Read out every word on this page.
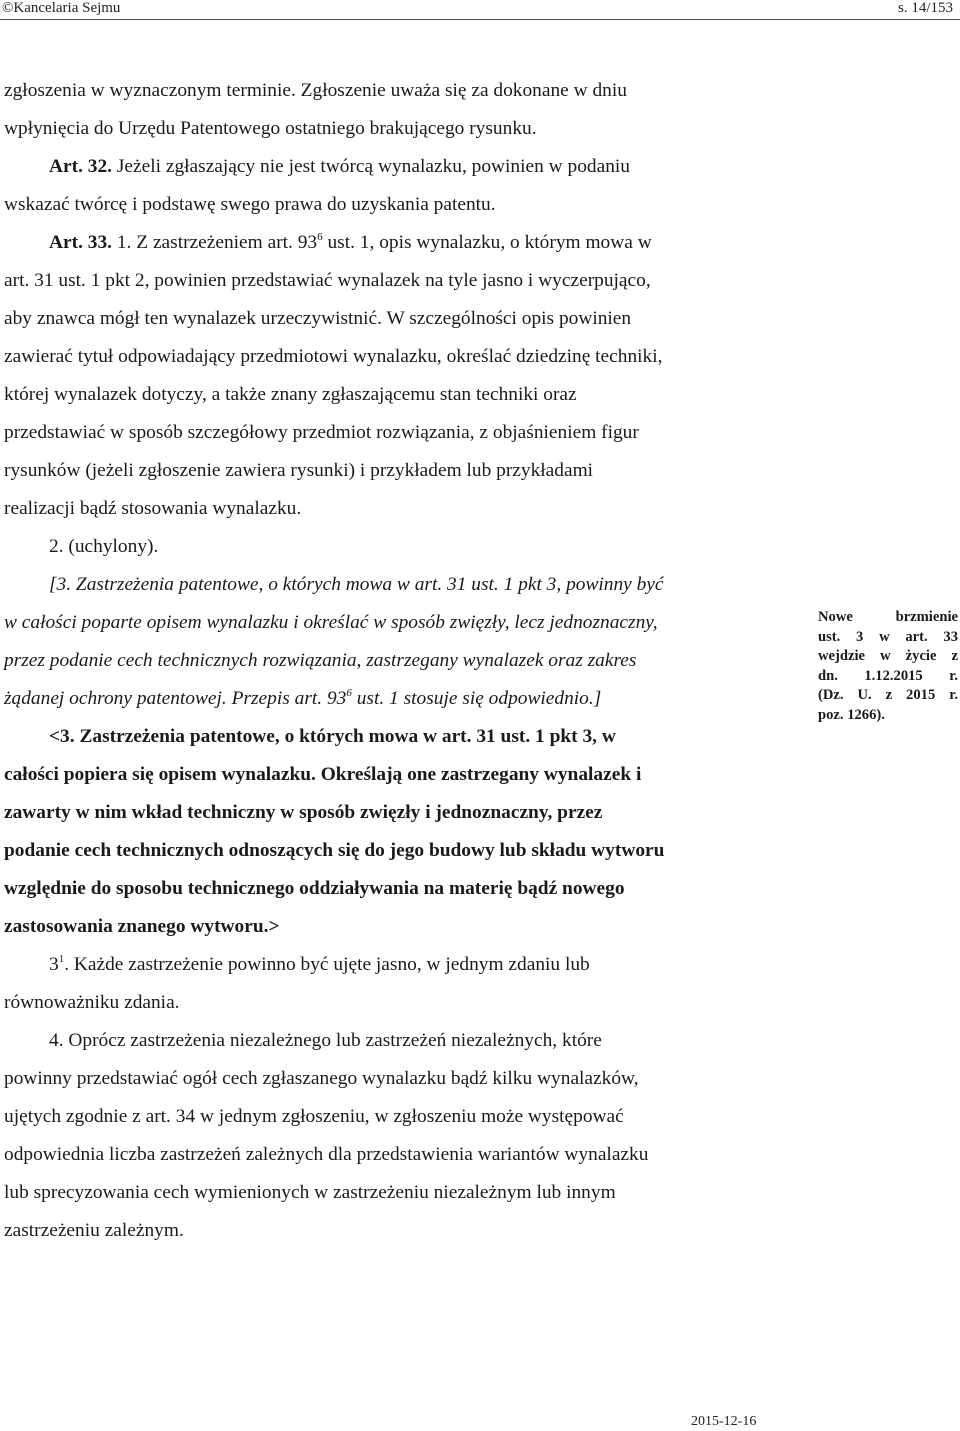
©Kancelaria Sejmu	s. 14/153
zgłoszenia w wyznaczonym terminie. Zgłoszenie uważa się za dokonane w dniu
wpłynięcia do Urzędu Patentowego ostatniego brakującego rysunku.
Art. 32. Jeżeli zgłaszający nie jest twórcą wynalazku, powinien w podaniu
wskazać twórcę i podstawę swego prawa do uzyskania patentu.
Art. 33. 1. Z zastrzeżeniem art. $93^6$ ust. 1, opis wynalazku, o którym mowa w
art. 31 ust. 1 pkt 2, powinien przedstawiać wynalazek na tyle jasno i wyczerpująco,
aby znawca mógł ten wynalazek urzeczywistnić. W szczególności opis powinien
zawierać tytuł odpowiadający przedmiotowi wynalazku, określać dziedzinę techniki,
której wynalazek dotyczy, a także znany zgłaszającemu stan techniki oraz
przedstawiać w sposób szczegółowy przedmiot rozwiązania, z objaśnieniem figur
rysunków (jeżeli zgłoszenie zawiera rysunki) i przykładem lub przykładami
realizacji bądź stosowania wynalazku.
2. (uchylony).
[3. Zastrzeżenia patentowe, o których mowa w art. 31 ust. 1 pkt 3, powinny być
w całości poparte opisem wynalazku i określać w sposób zwięzły, lecz jednoznaczny,
przez podanie cech technicznych rozwiązania, zastrzegany wynalazek oraz zakres
żądanej ochrony patentowej. Przepis art. $93^6$ ust. 1 stosuje się odpowiednio.]
<3. Zastrzeżenia patentowe, o których mowa w art. 31 ust. 1 pkt 3, w
całości popiera się opisem wynalazku. Określają one zastrzegany wynalazek i
zawarty w nim wkład techniczny w sposób zwięzły i jednoznaczny, przez
podanie cech technicznych odnoszących się do jego budowy lub składu wytworu
względnie do sposobu technicznego oddziaływania na materię bądź nowego
zastosowania znanego wytworu.>
$3^1$. Każde zastrzeżenie powinno być ujęte jasno, w jednym zdaniu lub
równoważniku zdania.
4. Oprócz zastrzeżenia niezależnego lub zastrzeżeń niezależnych, które
powinny przedstawiać ogół cech zgłaszanego wynalazku bądź kilku wynalazków,
ujętych zgodnie z art. 34 w jednym zgłoszeniu, w zgłoszeniu może występować
odpowiednia liczba zastrzeżeń zależnych dla przedstawienia wariantów wynalazku
lub sprecyzowania cech wymienionych w zastrzeżeniu niezależnym lub innym
zastrzeżeniu zależnym.
Nowe brzmienie
ust. 3 w art. 33
wejdzie w życie z
dn. 1.12.2015 r.
(Dz. U. z 2015 r.
poz. 1266).
2015-12-16
